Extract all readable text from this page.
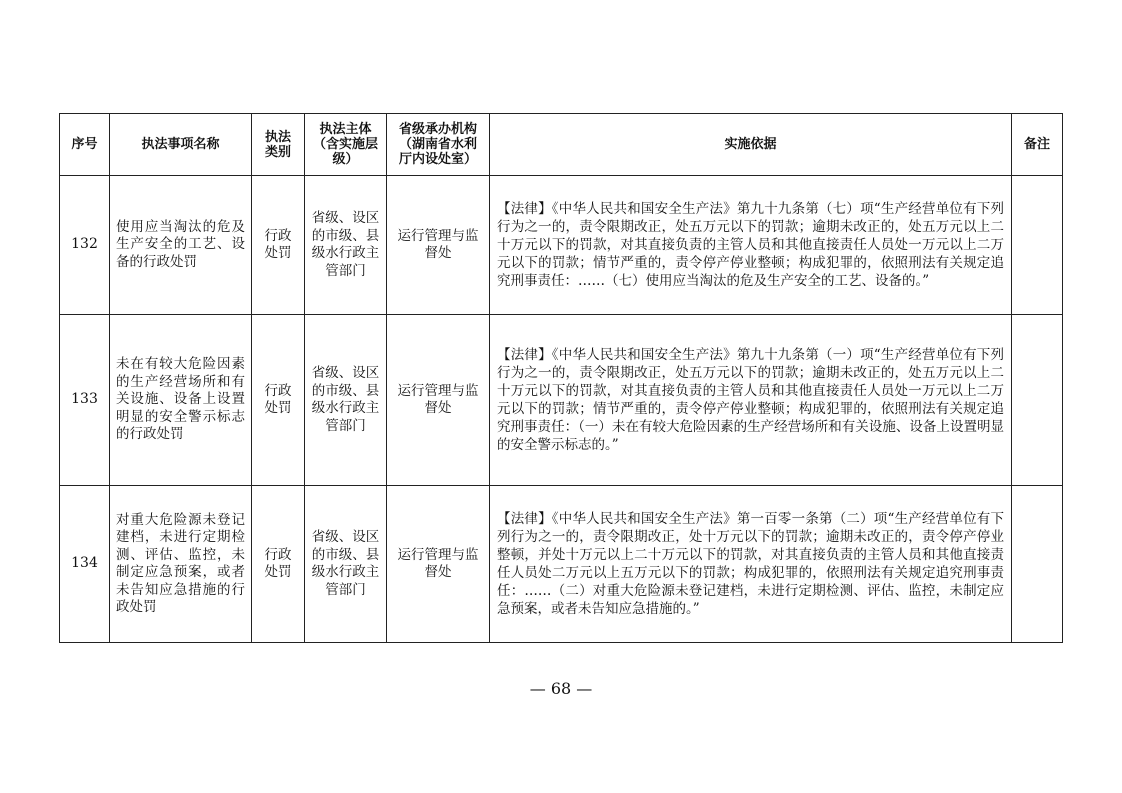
序号	执法事项名称	执法类别	执法主体（含实施层级）	省级承办机构（湖南省水利厅内设处室）	实施依据	备注
132	使用应当淘汰的危及生产安全的工艺、设备的行政处罚	行政处罚	省级、设区的市级、县级水行政主管部门	运行管理与监督处	【法律】《中华人民共和国安全生产法》第九十九条第（七）项“生产经营单位有下列行为之一的，责令限期改正，处五万元以下的罚款；逾期未改正的，处五万元以上二十万元以下的罚款，对其直接负责的主管人员和其他直接责任人员处一万元以上二万元以下的罚款；情节严重的，责令停产停业整顿；构成犯罪的，依照刑法有关规定追究刑事责任：……（七）使用应当淘汰的危及生产安全的工艺、设备的。”	
133	未在有较大危险因素的生产经营场所和有关设施、设备上设置明显的安全警示标志的行政处罚	行政处罚	省级、设区的市级、县级水行政主管部门	运行管理与监督处	【法律】《中华人民共和国安全生产法》第九十九条第（一）项“生产经营单位有下列行为之一的，责令限期改正，处五万元以下的罚款；逾期未改正的，处五万元以上二十万元以下的罚款，对其直接负责的主管人员和其他直接责任人员处一万元以上二万元以下的罚款；情节严重的，责令停产停业整顿；构成犯罪的，依照刑法有关规定追究刑事责任：（一）未在有较大危险因素的生产经营场所和有关设施、设备上设置明显的安全警示标志的。”	
134	对重大危险源未登记建档，未进行定期检测、评估、监控，未制定应急预案，或者未告知应急措施的行政处罚	行政处罚	省级、设区的市级、县级水行政主管部门	运行管理与监督处	【法律】《中华人民共和国安全生产法》第一百零一条第（二）项“生产经营单位有下列行为之一的，责令限期改正，处十万元以下的罚款；逾期未改正的，责令停产停业整顿，并处十万元以上二十万元以下的罚款，对其直接负责的主管人员和其他直接责任人员处二万元以上五万元以下的罚款；构成犯罪的，依照刑法有关规定追究刑事责任：……（二）对重大危险源未登记建档，未进行定期检测、评估、监控，未制定应急预案，或者未告知应急措施的。”	
— 68 —
